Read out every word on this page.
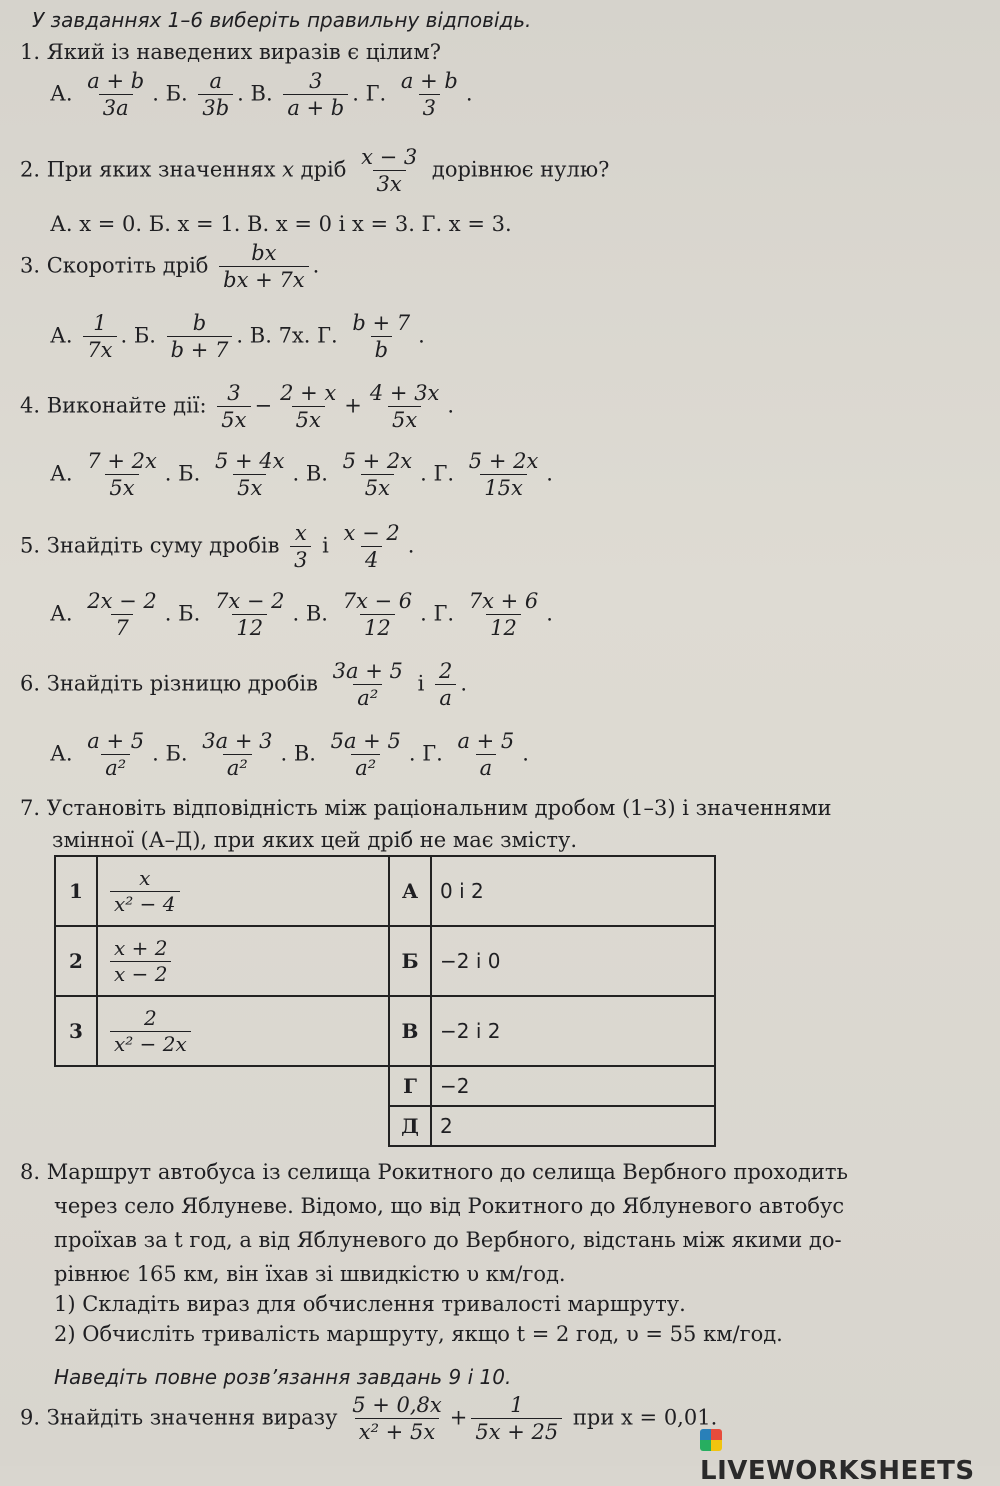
У завданнях 1–6 виберіть правильну відповідь.
1. Який із наведених виразів є цілим?
А. $\frac{a + b}{3a}$ . Б. $\frac{a}{3b}$ . В. $\frac{3}{a + b}$ . Г. $\frac{a + b}{3}$ .
2. При яких значеннях x дріб $\frac{x - 3}{3x}$ дорівнює нулю?
А. x = 0. Б. x = 1. В. x = 0 і x = 3. Г. x = 3.
3. Скоротіть дріб $\frac{bx}{bx + 7x}$ .
А. $\frac{1}{7x}$ . Б. $\frac{b}{b + 7}$ . В. 7x. Г. $\frac{b + 7}{b}$ .
4. Виконайте дії: $\frac{3}{5x} - \frac{2 + x}{5x} + \frac{4 + 3x}{5x}$ .
А. $\frac{7 + 2x}{5x}$ . Б. $\frac{5 + 4x}{5x}$ . В. $\frac{5 + 2x}{5x}$ . Г. $\frac{5 + 2x}{15x}$ .
5. Знайдіть суму дробів $\frac{x}{3}$ і $\frac{x - 2}{4}$ .
А. $\frac{2x - 2}{7}$ . Б. $\frac{7x - 2}{12}$ . В. $\frac{7x - 6}{12}$ . Г. $\frac{7x + 6}{12}$ .
6. Знайдіть різницю дробів $\frac{3a + 5}{\text{a²}}$ і $\frac{2}{a}$ .
А. $\frac{a + 5}{\text{a²}}$ . Б. $\frac{3a + 3}{\text{a²}}$ . В. $\frac{5a + 5}{\text{a²}}$ . Г. $\frac{a + 5}{a}$ .
7. Установіть відповідність між раціональним дробом (1–3) і значеннями
змінної (А–Д), при яких цей дріб не має змісту.
1	$\frac{x}{\text{x² − 4}}$	А	0 і 2
2	$\frac{x + 2}{x - 2}$	Б	−2 і 0
3	$\frac{2}{\text{x² − 2x}}$	В	−2 і 2
		Г	−2
		Д	2
8. Маршрут автобуса із селища Рокитного до селища Вербного проходить
через село Яблуневе. Відомо, що від Рокитного до Яблуневого автобус
проїхав за t год, а від Яблуневого до Вербного, відстань між якими до-
рівнює 165 км, він їхав зі швидкістю υ км/год.
1) Складіть вираз для обчислення тривалості маршруту.
2) Обчисліть тривалість маршруту, якщо t = 2 год, υ = 55 км/год.
Наведіть повне розв’язання завдань 9 і 10.
9. Знайдіть значення виразу $\frac{5 + 0,8x}{\text{x² + 5x}} + \frac{1}{5x + 25}$ при x = 0,01.
LIVEWORKSHEETS
